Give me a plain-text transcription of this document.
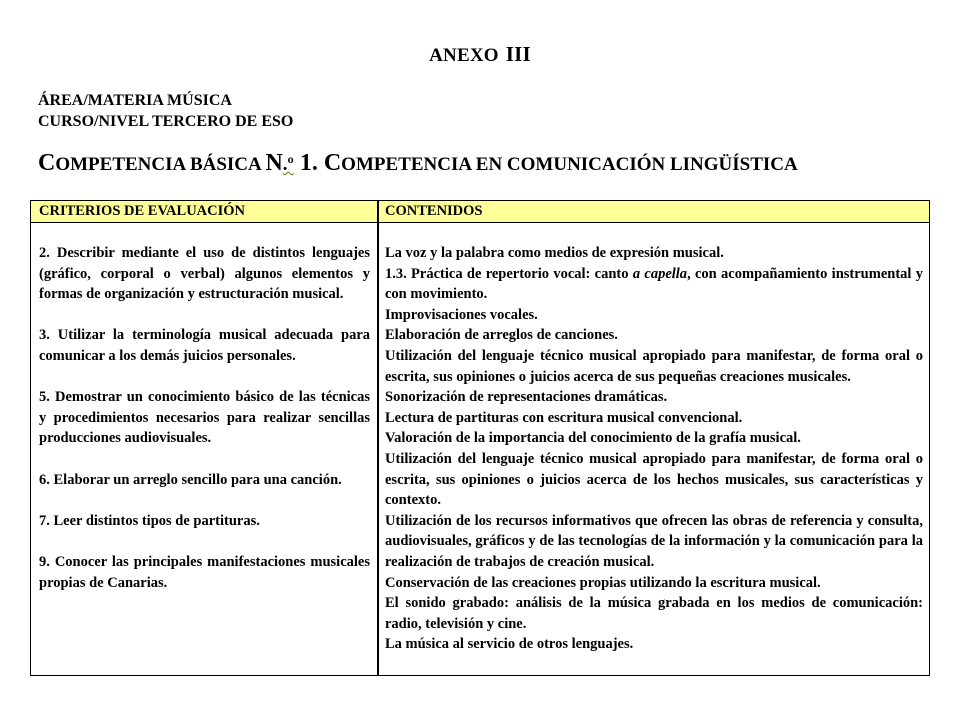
ANEXO III
ÁREA/MATERIA MÚSICA
CURSO/NIVEL TERCERO DE ESO
COMPETENCIA BÁSICA N.º 1. COMPETENCIA EN COMUNICACIÓN LINGÜÍSTICA
CRITERIOS DE EVALUACIÓN	CONTENIDOS

2. Describir mediante el uso de distintos lenguajes (gráfico, corporal o verbal) algunos elementos y formas de organización y estructuración musical.

3. Utilizar la terminología musical adecuada para comunicar a los demás juicios personales.

5. Demostrar un conocimiento básico de las técnicas y procedimientos necesarios para realizar sencillas producciones audiovisuales.

6. Elaborar un arreglo sencillo para una canción.

7. Leer distintos tipos de partituras.

9. Conocer las principales manifestaciones musicales propias de Canarias.

La voz y la palabra como medios de expresión musical.

1.3. Práctica de repertorio vocal: canto a capella, con acompañamiento instrumental y con movimiento.

Improvisaciones vocales.

Elaboración de arreglos de canciones.

Utilización del lenguaje técnico musical apropiado para manifestar, de forma oral o escrita, sus opiniones o juicios acerca de sus pequeñas creaciones musicales.

Sonorización de representaciones dramáticas.

Lectura de partituras con escritura musical convencional.

Valoración de la importancia del conocimiento de la grafía musical.

Utilización del lenguaje técnico musical apropiado para manifestar, de forma oral o escrita, sus opiniones o juicios acerca de los hechos musicales, sus características y contexto.

Utilización de los recursos informativos que ofrecen las obras de referencia y consulta, audiovisuales, gráficos y de las tecnologías de la información y la comunicación para la realización de trabajos de creación musical.

Conservación de las creaciones propias utilizando la escritura musical.

El sonido grabado: análisis de la música grabada en los medios de comunicación: radio, televisión y cine.

La música al servicio de otros lenguajes.
